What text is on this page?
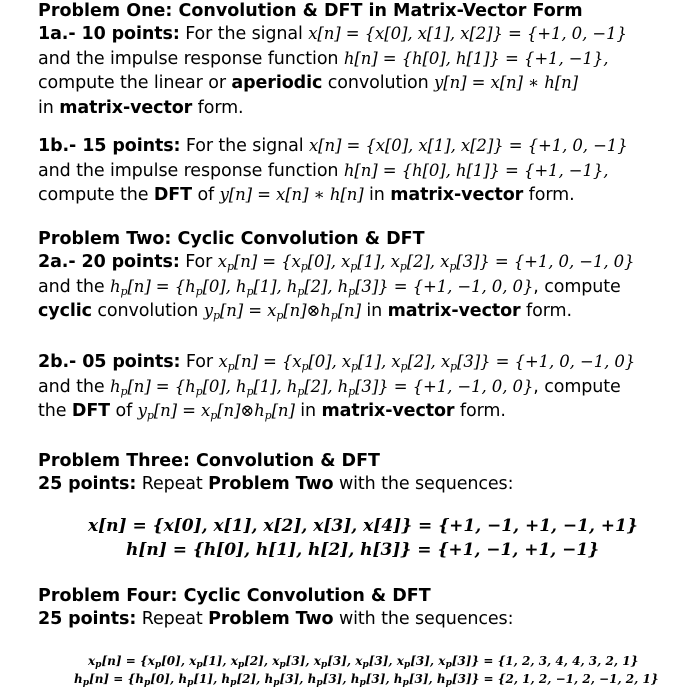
Problem One: Convolution & DFT in Matrix-Vector Form
1a.- 10 points: For the signal x[n] = {x[0], x[1], x[2]} = {+1, 0, −1}
and the impulse response function h[n] = {h[0], h[1]} = {+1, −1},
compute the linear or aperiodic convolution y[n] = x[n] ∗ h[n]
in matrix-vector form.
1b.- 15 points: For the signal x[n] = {x[0], x[1], x[2]} = {+1, 0, −1}
and the impulse response function h[n] = {h[0], h[1]} = {+1, −1},
compute the DFT of y[n] = x[n] ∗ h[n] in matrix-vector form.
Problem Two: Cyclic Convolution & DFT
2a.- 20 points: For $x_p[n] = \{x_p[0]$, $x_p[1]$, $x_p[2]$, $x_p[3]\} = \{+1$, 0, −1, 0}
and the $h_p[n] = \{h_p[0]$, $h_p[1]$, $h_p[2]$, $h_p[3]\} = \{+1$, −1, 0, 0}, compute
cyclic convolution $y_p[n]$ = $x_p[n]\otimes h_p[n]$ in matrix-vector form.
2b.- 05 points: For $x_p[n] = \{x_p[0]$, $x_p[1]$, $x_p[2]$, $x_p[3]\} = \{+1$, 0, −1, 0}
and the $h_p[n] = \{h_p[0]$, $h_p[1]$, $h_p[2]$, $h_p[3]\} = \{+1$, −1, 0, 0}, compute
the DFT of $y_p[n]$ = $x_p[n]\otimes h_p[n]$ in matrix-vector form.
Problem Three: Convolution & DFT
25 points: Repeat Problem Two with the sequences:
x[n] = {x[0], x[1], x[2], x[3], x[4]} = {+1, −1, +1, −1, +1}
h[n] = {h[0], h[1], h[2], h[3]} = {+1, −1, +1, −1}
Problem Four: Cyclic Convolution & DFT
25 points: Repeat Problem Two with the sequences:
$x_p[n] = \{x_p[0]$, $x_p[1]$, $x_p[2]$, $x_p[3]$, $x_p[3]$, $x_p[3]$, $x_p[3]$, $x_p[3]\} = \{1$, 2, 3, 4, 4, 3, 2, 1}
$h_p[n] = \{h_p[0]$, $h_p[1]$, $h_p[2]$, $h_p[3]$, $h_p[3]$, $h_p[3]$, $h_p[3]$, $h_p[3]\} = \{2$, 1, 2, −1, 2, −1, 2, 1}
